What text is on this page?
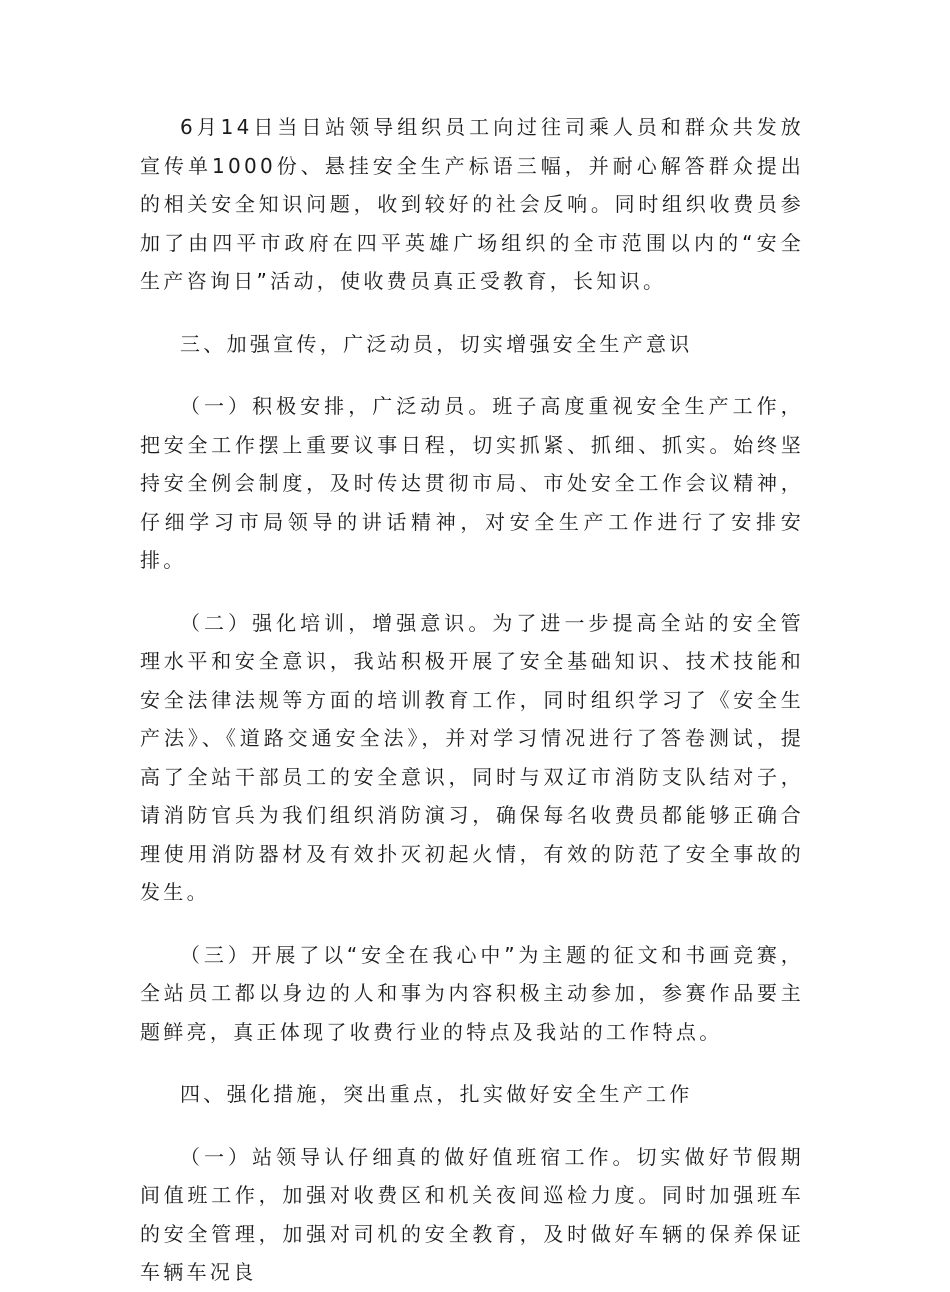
6月14日当日站领导组织员工向过往司乘人员和群众共发放宣传单1000份、悬挂安全生产标语三幅，并耐心解答群众提出的相关安全知识问题，收到较好的社会反响。同时组织收费员参加了由四平市政府在四平英雄广场组织的全市范围以内的“安全生产咨询日”活动，使收费员真正受教育，长知识。

三、加强宣传，广泛动员，切实增强安全生产意识

（一）积极安排，广泛动员。班子高度重视安全生产工作，把安全工作摆上重要议事日程，切实抓紧、抓细、抓实。始终坚持安全例会制度，及时传达贯彻市局、市处安全工作会议精神，仔细学习市局领导的讲话精神，对安全生产工作进行了安排安排。

（二）强化培训，增强意识。为了进一步提高全站的安全管理水平和安全意识，我站积极开展了安全基础知识、技术技能和安全法律法规等方面的培训教育工作，同时组织学习了《安全生产法》、《道路交通安全法》，并对学习情况进行了答卷测试，提高了全站干部员工的安全意识，同时与双辽市消防支队结对子，请消防官兵为我们组织消防演习，确保每名收费员都能够正确合理使用消防器材及有效扑灭初起火情，有效的防范了安全事故的发生。

（三）开展了以“安全在我心中”为主题的征文和书画竞赛，全站员工都以身边的人和事为内容积极主动参加，参赛作品要主题鲜亮，真正体现了收费行业的特点及我站的工作特点。

四、强化措施，突出重点，扎实做好安全生产工作

（一）站领导认仔细真的做好值班宿工作。切实做好节假期间值班工作，加强对收费区和机关夜间巡检力度。同时加强班车的安全管理，加强对司机的安全教育，及时做好车辆的保养保证车辆车况良
